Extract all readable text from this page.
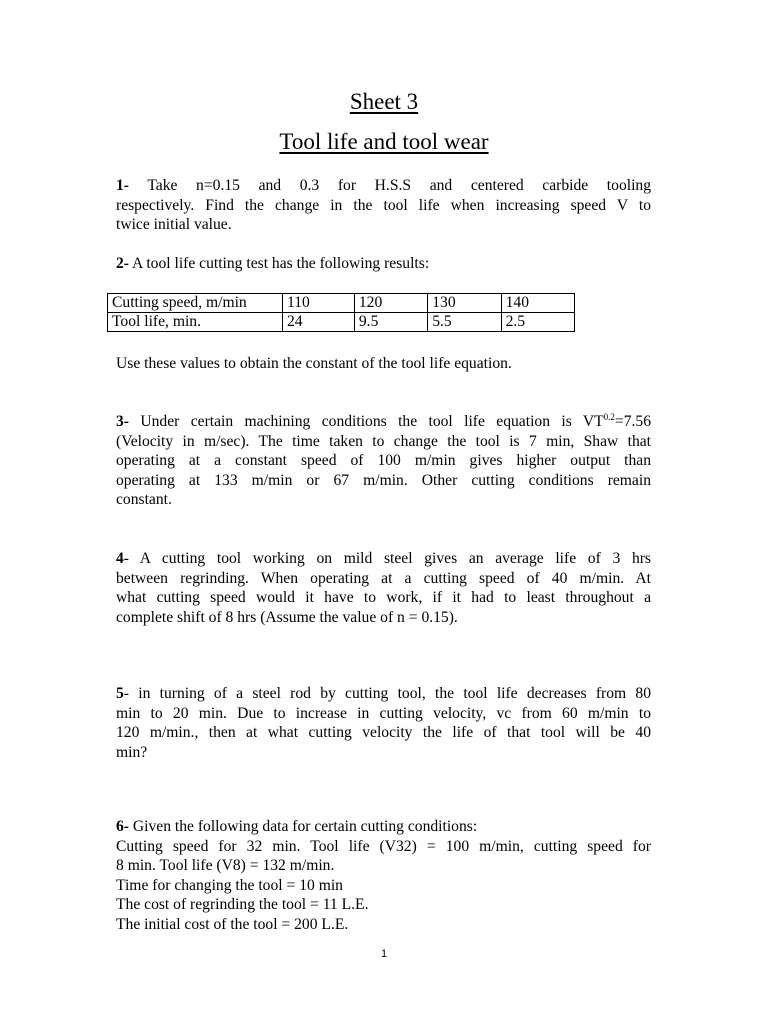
Sheet 3
Tool life and tool wear
1- Take n=0.15 and 0.3 for H.S.S and centered carbide tooling
respectively. Find the change in the tool life when increasing speed V to
twice initial value.
2- A tool life cutting test has the following results:
Cutting speed, m/min	110	120	130	140
Tool life, min.	24	9.5	5.5	2.5
Use these values to obtain the constant of the tool life equation.
3- Under certain machining conditions the tool life equation is $VT^{0.2}=7.56$
(Velocity in m/sec). The time taken to change the tool is 7 min, Shaw that
operating at a constant speed of 100 m/min gives higher output than
operating at 133 m/min or 67 m/min. Other cutting conditions remain
constant.
4- A cutting tool working on mild steel gives an average life of 3 hrs
between regrinding. When operating at a cutting speed of 40 m/min. At
what cutting speed would it have to work, if it had to least throughout a
complete shift of 8 hrs (Assume the value of n = 0.15).
5- in turning of a steel rod by cutting tool, the tool life decreases from 80
min to 20 min. Due to increase in cutting velocity, vc from 60 m/min to
120 m/min., then at what cutting velocity the life of that tool will be 40
min?
6- Given the following data for certain cutting conditions:
Cutting speed for 32 min. Tool life (V32) = 100 m/min, cutting speed for
8 min. Tool life (V8) = 132 m/min.
Time for changing the tool = 10 min
The cost of regrinding the tool = 11 L.E.
The initial cost of the tool = 200 L.E.
1
